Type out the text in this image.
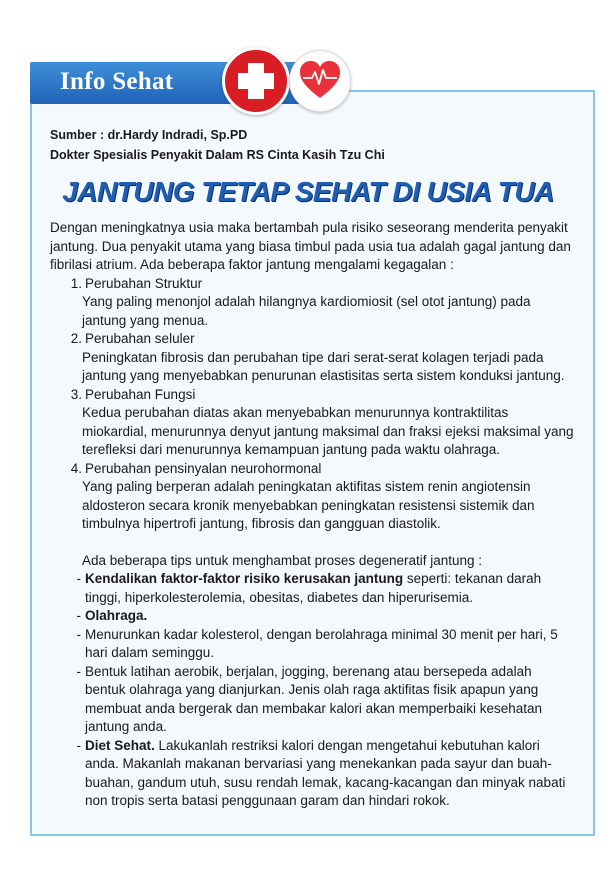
Info Sehat
Sumber : dr.Hardy Indradi, Sp.PD
Dokter Spesialis Penyakit Dalam RS Cinta Kasih Tzu Chi
JANTUNG TETAP SEHAT DI USIA TUA

Dengan meningkatnya usia maka bertambah pula risiko seseorang menderita penyakit jantung. Dua penyakit utama yang biasa timbul pada usia tua adalah gagal jantung dan fibrilasi atrium. Ada beberapa faktor jantung mengalami kegagalan :

1. Perubahan Struktur

Yang paling menonjol adalah hilangnya kardiomiosit (sel otot jantung) pada jantung yang menua.

2. Perubahan seluler

Peningkatan fibrosis dan perubahan tipe dari serat-serat kolagen terjadi pada jantung yang menyebabkan penurunan elastisitas serta sistem konduksi jantung.

3. Perubahan Fungsi

Kedua perubahan diatas akan menyebabkan menurunnya kontraktilitas miokardial, menurunnya denyut jantung maksimal dan fraksi ejeksi maksimal yang terefleksi dari menurunnya kemampuan jantung pada waktu olahraga.

4. Perubahan pensinyalan neurohormonal

Yang paling berperan adalah peningkatan aktifitas sistem renin angiotensin aldosteron secara kronik menyebabkan peningkatan resistensi sistemik dan timbulnya hipertrofi jantung, fibrosis dan gangguan diastolik.

Ada beberapa tips untuk menghambat proses degeneratif jantung :

- Kendalikan faktor-faktor risiko kerusakan jantung seperti: tekanan darah tinggi, hiperkolesterolemia, obesitas, diabetes dan hiperurisemia.
- Olahraga.
- Menurunkan kadar kolesterol, dengan berolahraga minimal 30 menit per hari, 5 hari dalam seminggu.
- Bentuk latihan aerobik, berjalan, jogging, berenang atau bersepeda adalah bentuk olahraga yang dianjurkan. Jenis olah raga aktifitas fisik apapun yang membuat anda bergerak dan membakar kalori akan memperbaiki kesehatan jantung anda.
- Diet Sehat. Lakukanlah restriksi kalori dengan mengetahui kebutuhan kalori anda. Makanlah makanan bervariasi yang menekankan pada sayur dan buah-buahan, gandum utuh, susu rendah lemak, kacang-kacangan dan minyak nabati non tropis serta batasi penggunaan garam dan hindari rokok.
